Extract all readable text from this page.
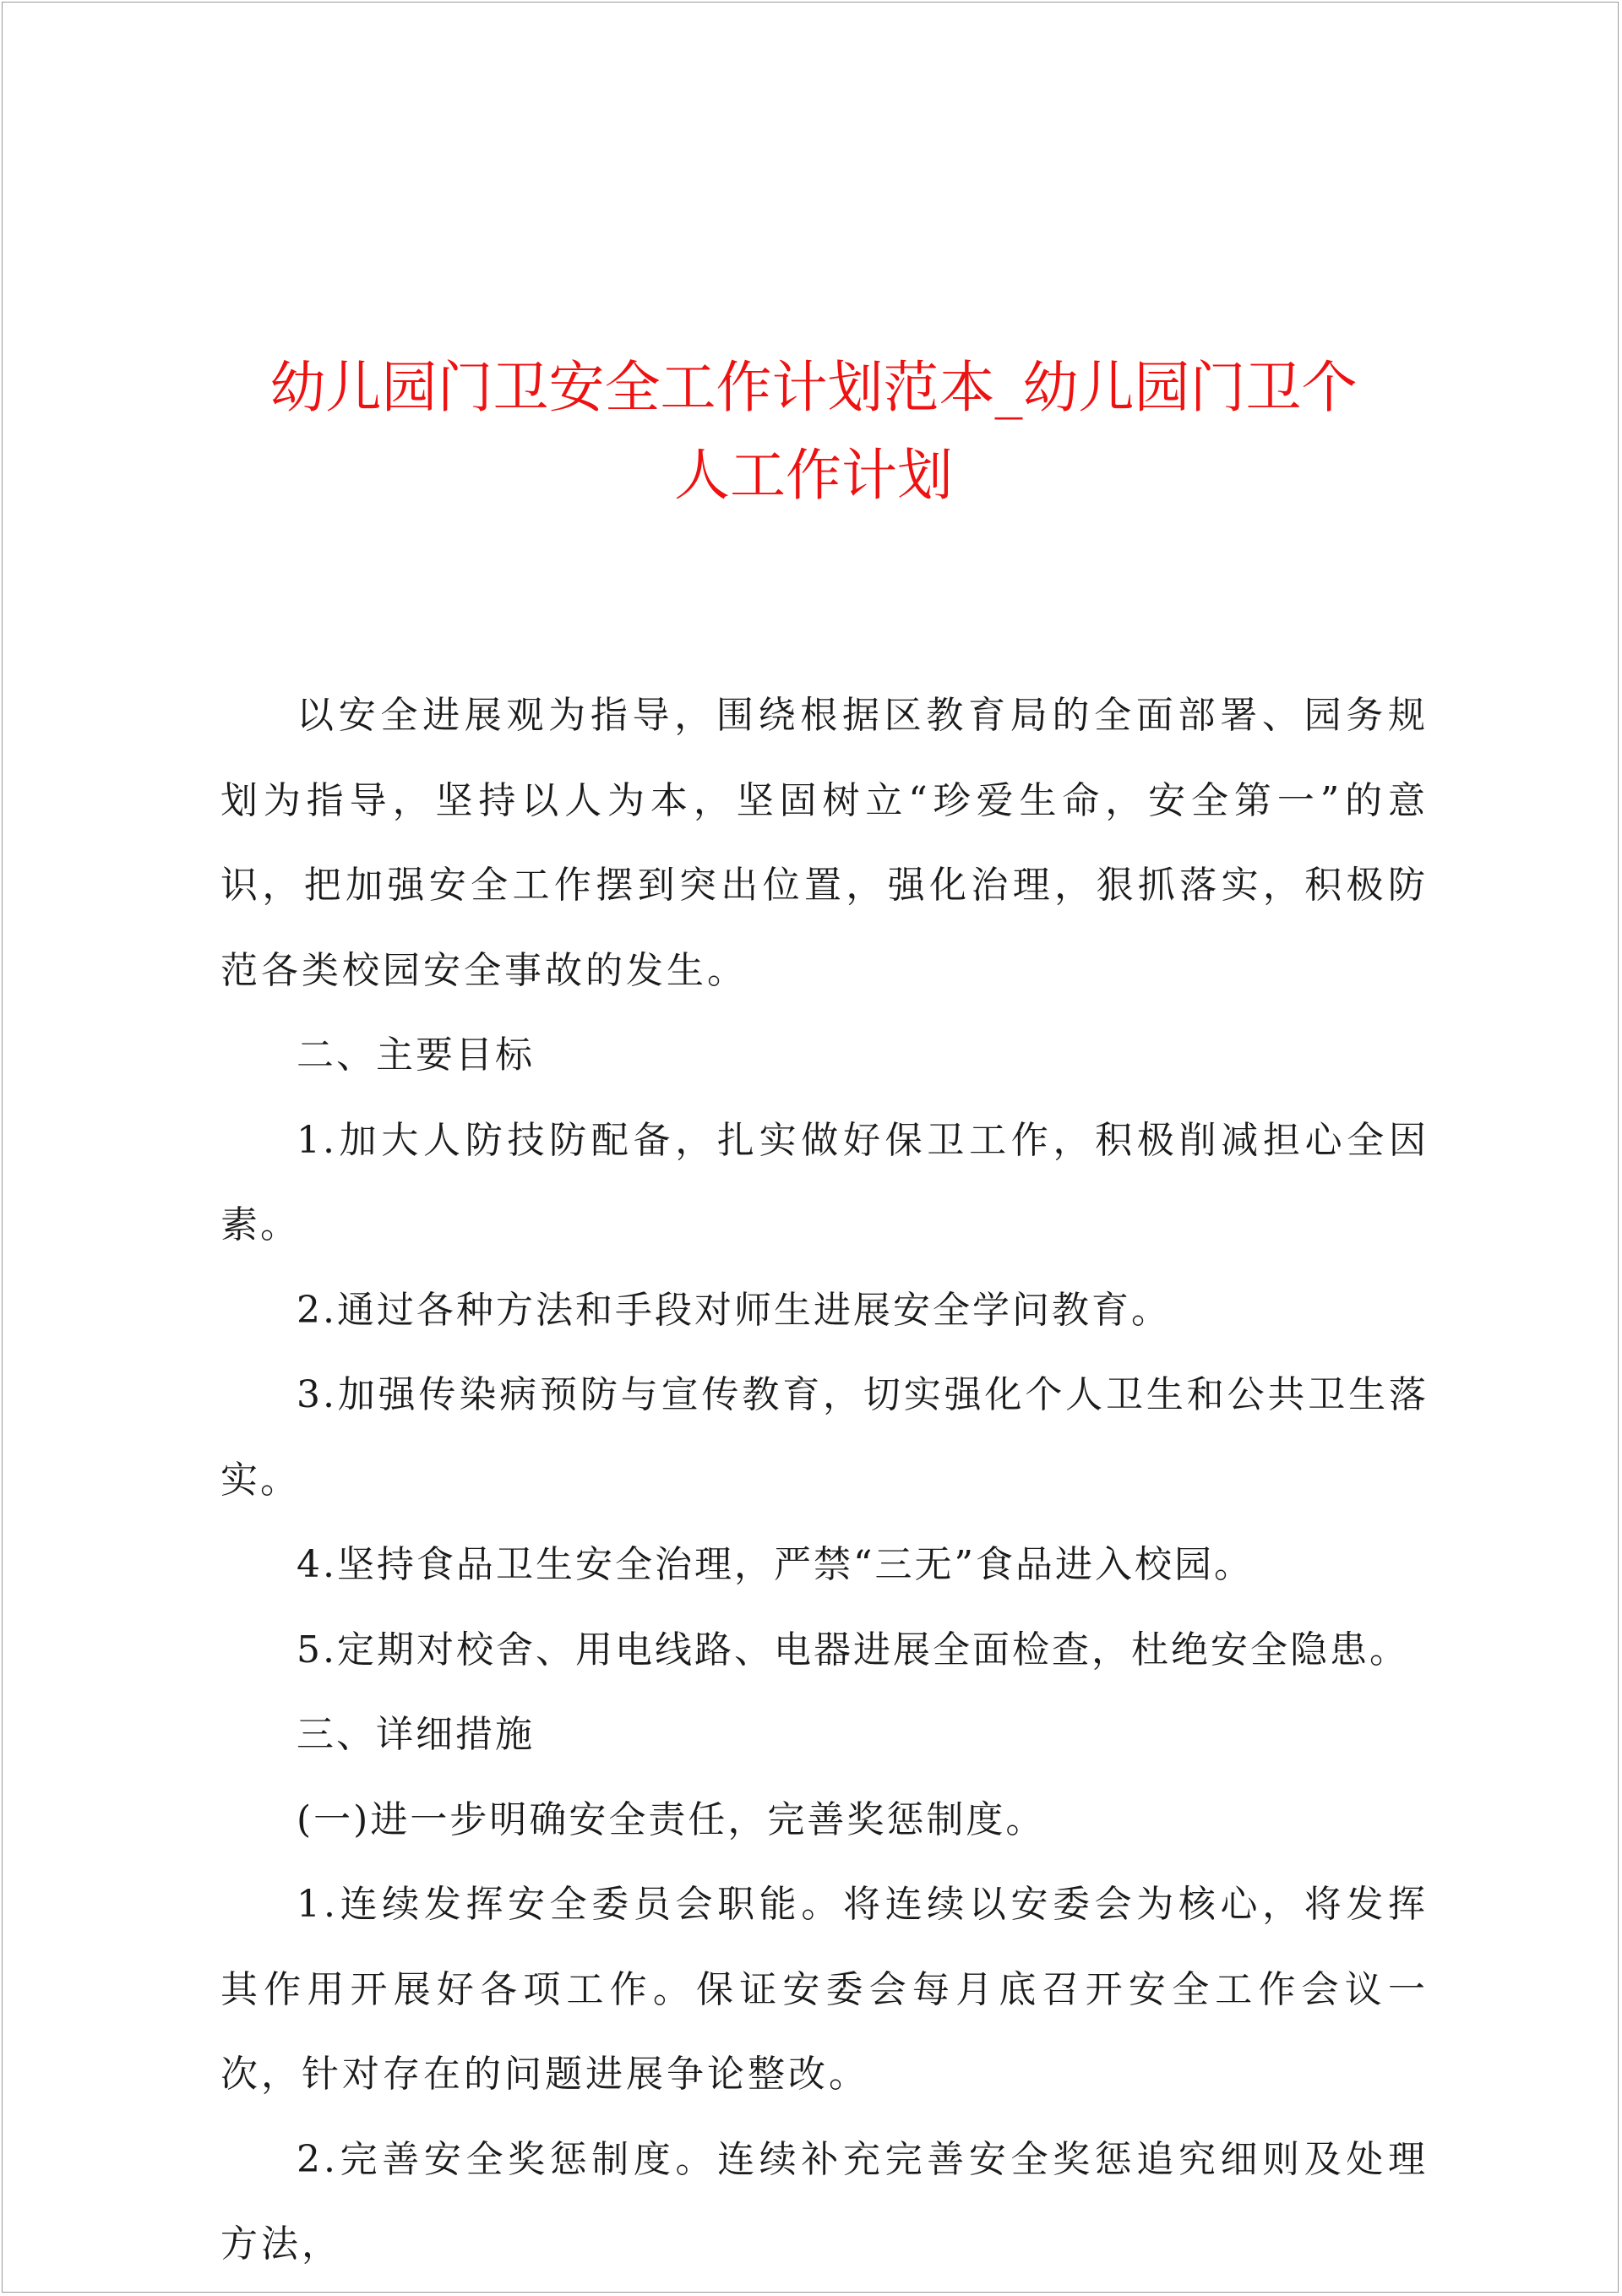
幼儿园门卫安全工作计划范本_幼儿园门卫个
人工作计划

以安全进展观为指导，围绕根据区教育局的全面部署、园务规划为指导，坚持以人为本，坚固树立“珍爱生命，安全第一”的意识，把加强安全工作摆到突出位置，强化治理，狠抓落实，积极防范各类校园安全事故的发生。

二、主要目标

1.加大人防技防配备，扎实做好保卫工作，积极削减担心全因素。

2.通过各种方法和手段对师生进展安全学问教育。

3.加强传染病预防与宣传教育，切实强化个人卫生和公共卫生落实。

4.坚持食品卫生安全治理，严禁“三无”食品进入校园。

5.定期对校舍、用电线路、电器进展全面检查，杜绝安全隐患。

三、详细措施

(一)进一步明确安全责任，完善奖惩制度。

1.连续发挥安全委员会职能。将连续以安委会为核心，将发挥其作用开展好各项工作。保证安委会每月底召开安全工作会议一次，针对存在的问题进展争论整改。

2.完善安全奖惩制度。连续补充完善安全奖惩追究细则及处理方法，
